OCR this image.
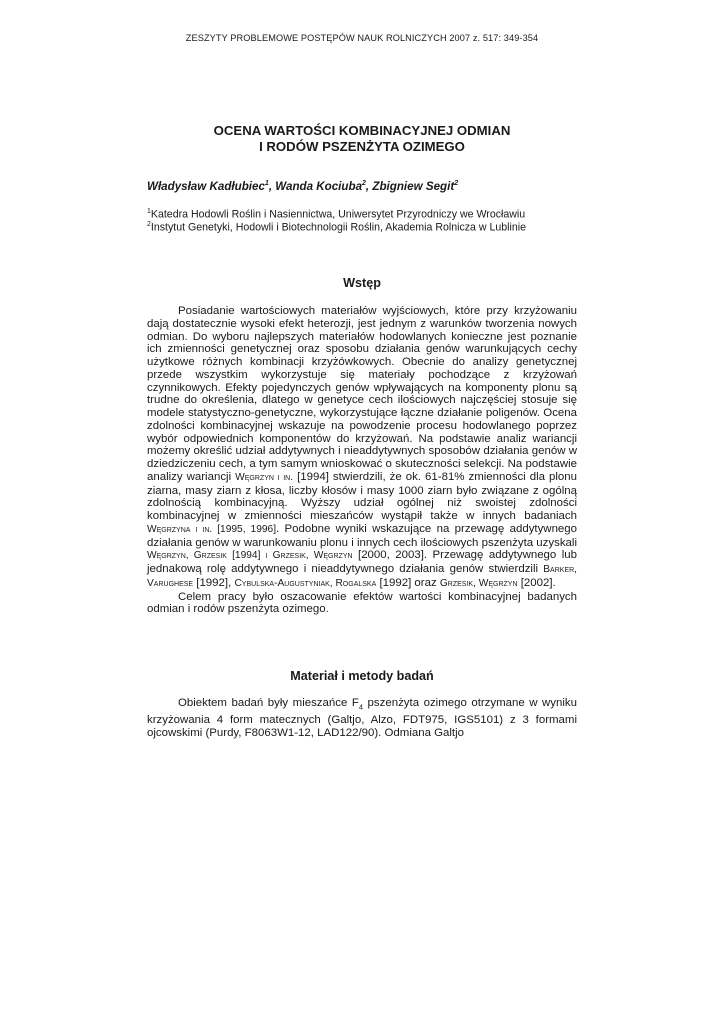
ZESZYTY PROBLEMOWE POSTĘPÓW NAUK ROLNICZYCH 2007 z. 517: 349-354
OCENA WARTOŚCI KOMBINACYJNEJ ODMIAN
I RODÓW PSZENŻYTA OZIMEGO
Władysław Kadłubiec$^1$, Wanda Kociuba$^2$, Zbigniew Segit$^2$
$^1$Katedra Hodowli Roślin i Nasiennictwa, Uniwersytet Przyrodniczy we Wrocławiu
$^2$Instytut Genetyki, Hodowli i Biotechnologii Roślin, Akademia Rolnicza w Lublinie
Wstęp

Posiadanie wartościowych materiałów wyjściowych, które przy krzyżowaniu dają dostatecznie wysoki efekt heterozji, jest jednym z warunków tworzenia nowych odmian. Do wyboru najlepszych materiałów hodowlanych konieczne jest poznanie ich zmienności genetycznej oraz sposobu działania genów warunkujących cechy użytkowe różnych kombinacji krzyżówkowych. Obecnie do analizy genetycznej przede wszystkim wykorzystuje się materiały pochodzące z krzyżowań czynnikowych. Efekty pojedynczych genów wpływających na komponenty plonu są trudne do określenia, dlatego w genetyce cech ilościowych najczęściej stosuje się modele statystyczno-genetyczne, wykorzystujące łączne działanie poligenów. Ocena zdolności kombinacyjnej wskazuje na powodzenie procesu hodowlanego poprzez wybór odpowiednich komponentów do krzyżowań. Na podstawie analiz wariancji możemy określić udział addytywnych i nieaddytywnych sposobów działania genów w dziedziczeniu cech, a tym samym wnioskować o skuteczności selekcji. Na podstawie analizy wariancji Węgrzyn i in. [1994] stwierdzili, że ok. 61-81% zmienności dla plonu ziarna, masy ziarn z kłosa, liczby kłosów i masy 1000 ziarn było związane z ogólną zdolnością kombinacyjną. Wyższy udział ogólnej niż swoistej zdolności kombinacyjnej w zmienności mieszańców wystąpił także w innych badaniach Węgrzyna i in. [1995, 1996]. Podobne wyniki wskazujące na przewagę addytywnego działania genów w warunkowaniu plonu i innych cech ilościowych pszenżyta uzyskali Węgrzyn, Grzesik [1994] i Grzesik, Węgrzyn [2000, 2003]. Przewagę addytywnego lub jednakową rolę addytywnego i nieaddytywnego działania genów stwierdzili Barker, Varughese [1992], Cybulska-Augustyniak, Rogalska [1992] oraz Grzesik, Węgrzyn [2002].

Celem pracy było oszacowanie efektów wartości kombinacyjnej badanych odmian i rodów pszenżyta ozimego.

Materiał i metody badań

Obiektem badań były mieszańce $F_4$ pszenżyta ozimego otrzymane w wyniku krzyżowania 4 form matecznych (Galtjo, Alzo, FDT975, IGS5101) z 3 formami ojcowskimi (Purdy, F8063W1-12, LAD122/90). Odmiana Galtjo
